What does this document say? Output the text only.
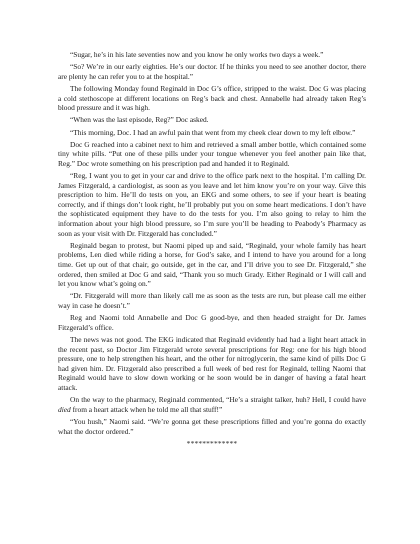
“Sugar, he’s in his late seventies now and you know he only works two days a week.”

“So? We’re in our early eighties. He’s our doctor. If he thinks you need to see another doctor, there are plenty he can refer you to at the hospital.”

The following Monday found Reginald in Doc G’s office, stripped to the waist. Doc G was placing a cold stethoscope at different locations on Reg’s back and chest. Annabelle had already taken Reg’s blood pressure and it was high.

“When was the last episode, Reg?” Doc asked.

“This morning, Doc. I had an awful pain that went from my cheek clear down to my left elbow.”

Doc G reached into a cabinet next to him and retrieved a small amber bottle, which contained some tiny white pills. “Put one of these pills under your tongue whenever you feel another pain like that, Reg.” Doc wrote something on his prescription pad and handed it to Reginald.

“Reg, I want you to get in your car and drive to the office park next to the hospital. I’m calling Dr. James Fitzgerald, a cardiologist, as soon as you leave and let him know you’re on your way. Give this prescription to him. He’ll do tests on you, an EKG and some others, to see if your heart is beating correctly, and if things don’t look right, he’ll probably put you on some heart medications. I don’t have the sophisticated equipment they have to do the tests for you. I’m also going to relay to him the information about your high blood pressure, so I’m sure you’ll be heading to Peabody’s Pharmacy as soon as your visit with Dr. Fitzgerald has concluded.”

Reginald began to protest, but Naomi piped up and said, “Reginald, your whole family has heart problems, Len died while riding a horse, for God’s sake, and I intend to have you around for a long time. Get up out of that chair, go outside, get in the car, and I’ll drive you to see Dr. Fitzgerald,” she ordered, then smiled at Doc G and said, “Thank you so much Grady. Either Reginald or I will call and let you know what’s going on.”

“Dr. Fitzgerald will more than likely call me as soon as the tests are run, but please call me either way in case he doesn’t.”

Reg and Naomi told Annabelle and Doc G good-bye, and then headed straight for Dr. James Fitzgerald’s office.

The news was not good. The EKG indicated that Reginald evidently had had a light heart attack in the recent past, so Doctor Jim Fitzgerald wrote several prescriptions for Reg: one for his high blood pressure, one to help strengthen his heart, and the other for nitroglycerin, the same kind of pills Doc G had given him. Dr. Fitzgerald also prescribed a full week of bed rest for Reginald, telling Naomi that Reginald would have to slow down working or he soon would be in danger of having a fatal heart attack.

On the way to the pharmacy, Reginald commented, “He’s a straight talker, huh? Hell, I could have died from a heart attack when he told me all that stuff!”

“You hush,” Naomi said. “We’re gonna get these prescriptions filled and you’re gonna do exactly what the doctor ordered.”

*************
